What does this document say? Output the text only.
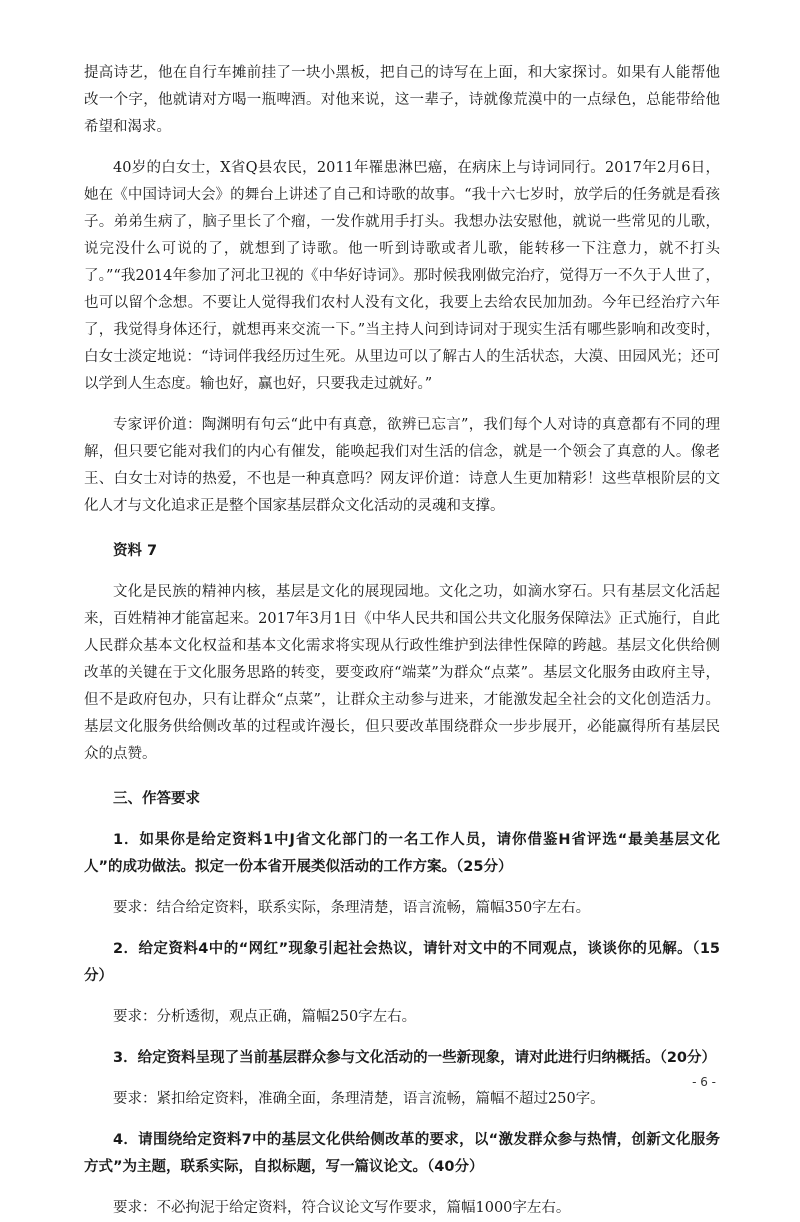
提高诗艺，他在自行车摊前挂了一块小黑板，把自己的诗写在上面，和大家探讨。如果有人能帮他改一个字，他就请对方喝一瓶啤酒。对他来说，这一辈子，诗就像荒漠中的一点绿色，总能带给他希望和渴求。

40岁的白女士，X省Q县农民，2011年罹患淋巴癌，在病床上与诗词同行。2017年2月6日，她在《中国诗词大会》的舞台上讲述了自己和诗歌的故事。“我十六七岁时，放学后的任务就是看孩子。弟弟生病了，脑子里长了个瘤，一发作就用手打头。我想办法安慰他，就说一些常见的儿歌，说完没什么可说的了，就想到了诗歌。他一听到诗歌或者儿歌，能转移一下注意力，就不打头了。”“我2014年参加了河北卫视的《中华好诗词》。那时候我刚做完治疗，觉得万一不久于人世了，也可以留个念想。不要让人觉得我们农村人没有文化，我要上去给农民加加劲。今年已经治疗六年了，我觉得身体还行，就想再来交流一下。”当主持人问到诗词对于现实生活有哪些影响和改变时，白女士淡定地说：“诗词伴我经历过生死。从里边可以了解古人的生活状态，大漠、田园风光；还可以学到人生态度。输也好，赢也好，只要我走过就好。”

专家评价道：陶渊明有句云“此中有真意，欲辨已忘言”，我们每个人对诗的真意都有不同的理解，但只要它能对我们的内心有催发，能唤起我们对生活的信念，就是一个领会了真意的人。像老王、白女士对诗的热爱，不也是一种真意吗？网友评价道：诗意人生更加精彩！这些草根阶层的文化人才与文化追求正是整个国家基层群众文化活动的灵魂和支撑。

资料 7

文化是民族的精神内核，基层是文化的展现园地。文化之功，如滴水穿石。只有基层文化活起来，百姓精神才能富起来。2017年3月1日《中华人民共和国公共文化服务保障法》正式施行，自此人民群众基本文化权益和基本文化需求将实现从行政性维护到法律性保障的跨越。基层文化供给侧改革的关键在于文化服务思路的转变，要变政府“端菜”为群众“点菜”。基层文化服务由政府主导，但不是政府包办，只有让群众“点菜”，让群众主动参与进来，才能激发起全社会的文化创造活力。基层文化服务供给侧改革的过程或许漫长，但只要改革围绕群众一步步展开，必能赢得所有基层民众的点赞。

三、作答要求

1．如果你是给定资料1中J省文化部门的一名工作人员，请你借鉴H省评选“最美基层文化人”的成功做法。拟定一份本省开展类似活动的工作方案。（25分）

要求：结合给定资料，联系实际，条理清楚，语言流畅，篇幅350字左右。

2．给定资料4中的“网红”现象引起社会热议，请针对文中的不同观点，谈谈你的见解。（15分）

要求：分析透彻，观点正确，篇幅250字左右。

3．给定资料呈现了当前基层群众参与文化活动的一些新现象，请对此进行归纳概括。（20分）

要求：紧扣给定资料，准确全面，条理清楚，语言流畅，篇幅不超过250字。

4．请围绕给定资料7中的基层文化供给侧改革的要求，以“激发群众参与热情，创新文化服务方式”为主题，联系实际，自拟标题，写一篇议论文。（40分）

要求：不必拘泥于给定资料，符合议论文写作要求，篇幅1000字左右。

- 6 -
